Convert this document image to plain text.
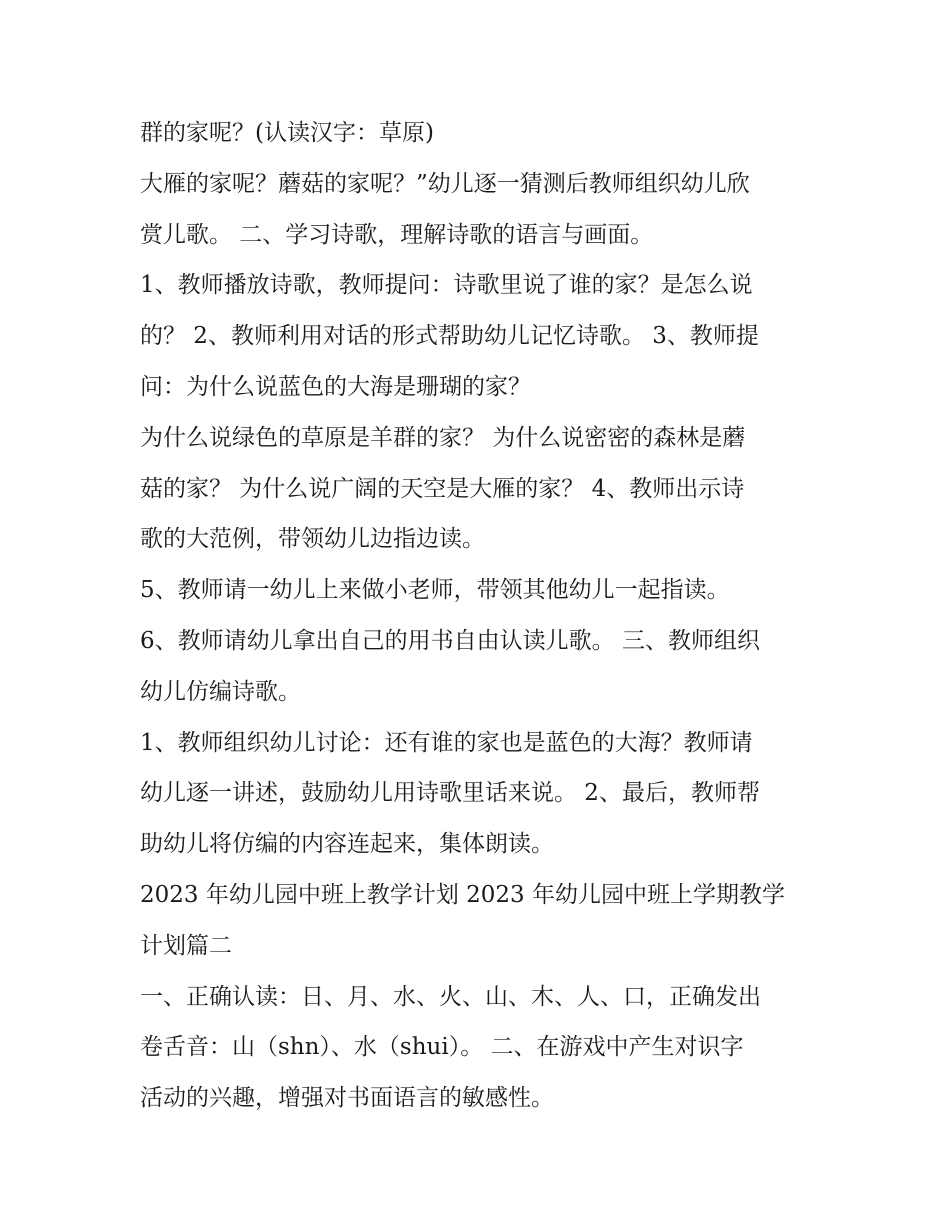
群的家呢？(认读汉字：草原)
大雁的家呢？蘑菇的家呢？”幼儿逐一猜测后教师组织幼儿欣
赏儿歌。 二、学习诗歌，理解诗歌的语言与画面。
1、教师播放诗歌，教师提问：诗歌里说了谁的家？是怎么说
的？ 2、教师利用对话的形式帮助幼儿记忆诗歌。 3、教师提
问：为什么说蓝色的大海是珊瑚的家？
为什么说绿色的草原是羊群的家？ 为什么说密密的森林是蘑
菇的家？ 为什么说广阔的天空是大雁的家？ 4、教师出示诗
歌的大范例，带领幼儿边指边读。
5、教师请一幼儿上来做小老师，带领其他幼儿一起指读。
6、教师请幼儿拿出自己的用书自由认读儿歌。 三、教师组织
幼儿仿编诗歌。
1、教师组织幼儿讨论：还有谁的家也是蓝色的大海？教师请
幼儿逐一讲述，鼓励幼儿用诗歌里话来说。 2、最后，教师帮
助幼儿将仿编的内容连起来，集体朗读。
2023 年幼儿园中班上教学计划 2023 年幼儿园中班上学期教学
计划篇二
一、正确认读：日、月、水、火、山、木、人、口，正确发出
卷舌音：山（shn）、水（shui）。 二、在游戏中产生对识字
活动的兴趣，增强对书面语言的敏感性。
